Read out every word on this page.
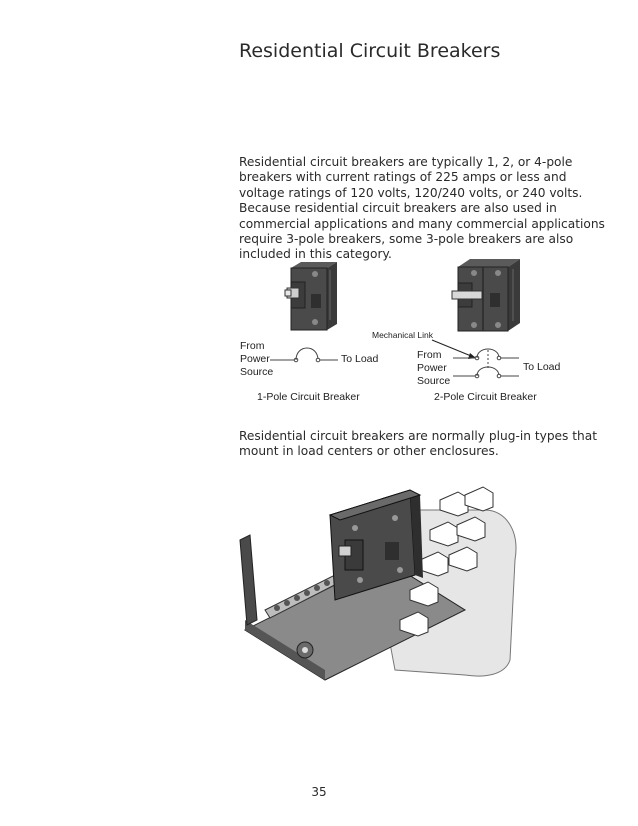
Residential Circuit Breakers

Residential circuit breakers are typically 1, 2, or 4-pole breakers with current ratings of 225 amps or less and voltage ratings of 120 volts, 120/240 volts, or 240 volts. Because residential circuit breakers are also used in commercial applications and many commercial applications require 3-pole breakers, some 3-pole breakers are also included in this category.

From
Power
Source
To Load
Mechanical Link
From
Power
Source
To Load
1-Pole Circuit Breaker	2-Pole Circuit Breaker

Residential circuit breakers are normally plug-in types that mount in load centers or other enclosures.

35
